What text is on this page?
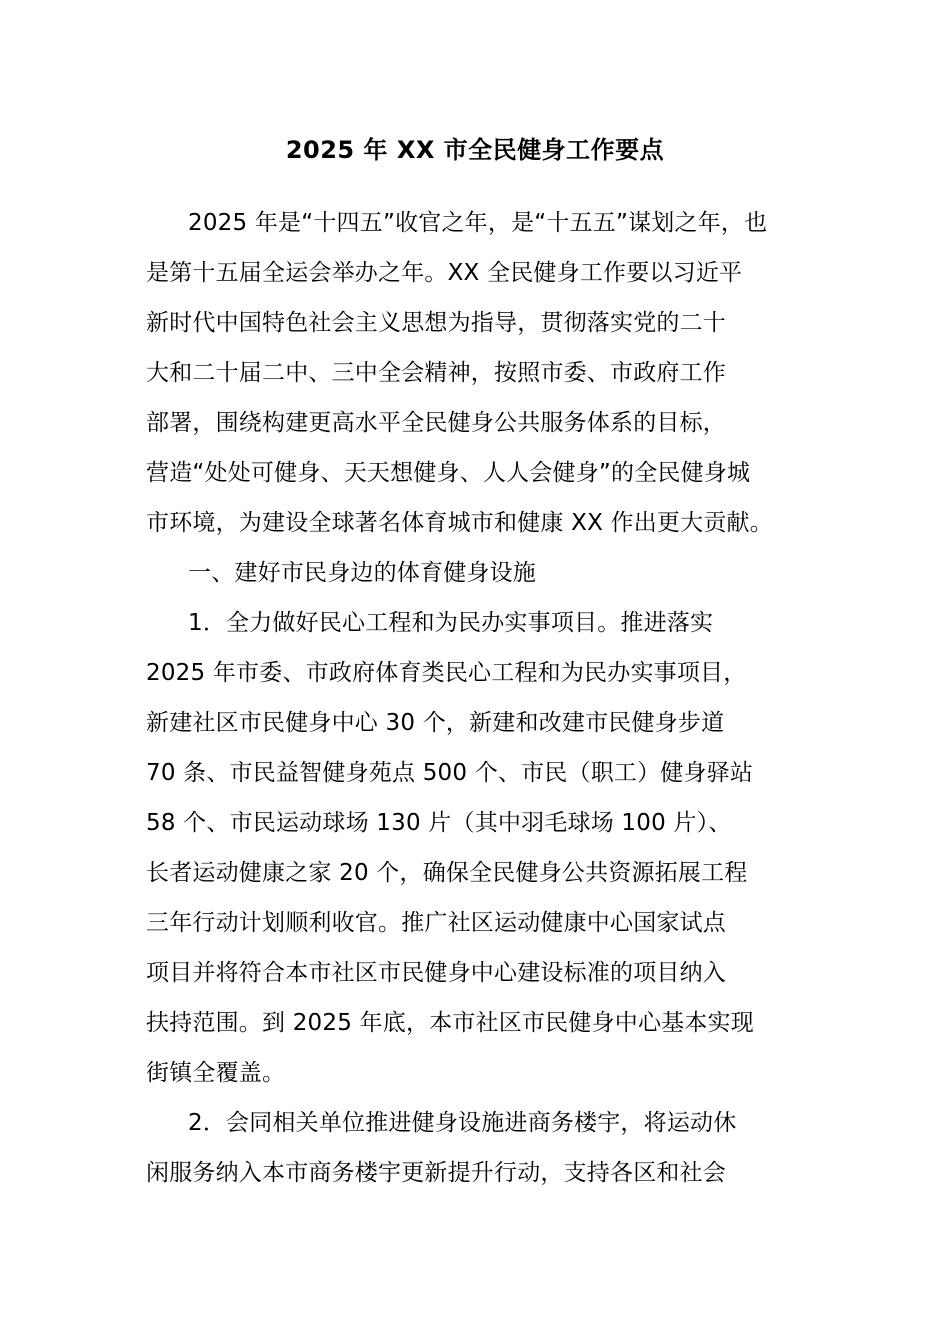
2025 年 XX 市全民健身工作要点
2025 年是“十四五”收官之年，是“十五五”谋划之年，也
是第十五届全运会举办之年。XX 全民健身工作要以习近平
新时代中国特色社会主义思想为指导，贯彻落实党的二十
大和二十届二中、三中全会精神，按照市委、市政府工作
部署，围绕构建更高水平全民健身公共服务体系的目标，
营造“处处可健身、天天想健身、人人会健身”的全民健身城
市环境，为建设全球著名体育城市和健康 XX 作出更大贡献。
一、建好市民身边的体育健身设施
1．全力做好民心工程和为民办实事项目。推进落实
2025 年市委、市政府体育类民心工程和为民办实事项目，
新建社区市民健身中心 30 个，新建和改建市民健身步道
70 条、市民益智健身苑点 500 个、市民（职工）健身驿站
58 个、市民运动球场 130 片（其中羽毛球场 100 片）、
长者运动健康之家 20 个，确保全民健身公共资源拓展工程
三年行动计划顺利收官。推广社区运动健康中心国家试点
项目并将符合本市社区市民健身中心建设标准的项目纳入
扶持范围。到 2025 年底，本市社区市民健身中心基本实现
街镇全覆盖。
2．会同相关单位推进健身设施进商务楼宇，将运动休
闲服务纳入本市商务楼宇更新提升行动，支持各区和社会
